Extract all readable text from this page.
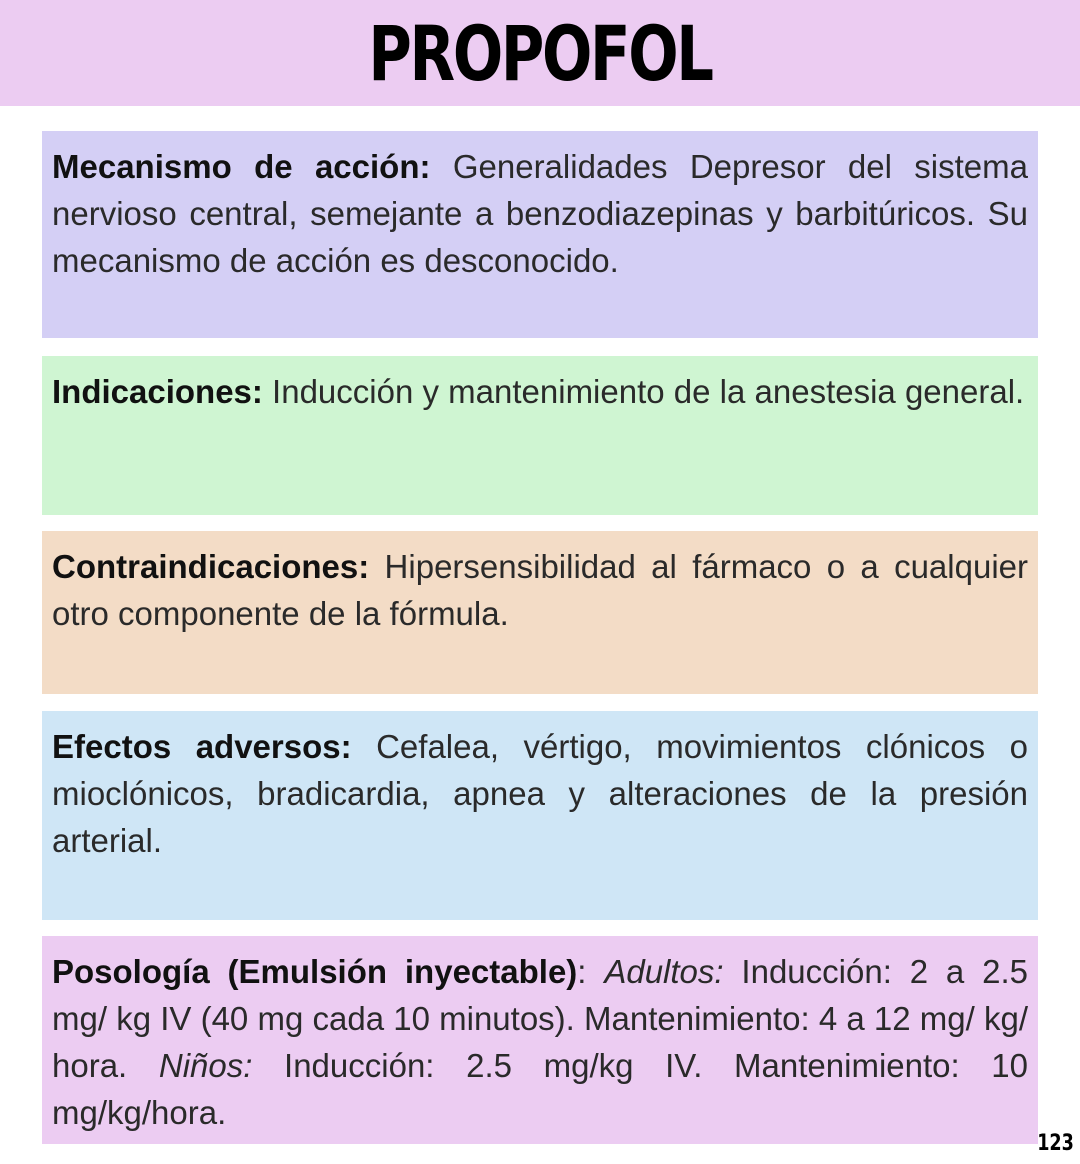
PROPOFOL
Mecanismo de acción: Generalidades Depresor del sistema nervioso central, semejante a benzodiazepinas y barbitúricos. Su mecanismo de acción es desconocido.
Indicaciones: Inducción y mantenimiento de la anestesia general.
Contraindicaciones: Hipersensibilidad al fármaco o a cualquier otro componente de la fórmula.
Efectos adversos: Cefalea, vértigo, movimientos clónicos o mioclónicos, bradicardia, apnea y alteraciones de la presión arterial.
Posología (Emulsión inyectable): Adultos: Inducción: 2 a 2.5 mg/ kg IV (40 mg cada 10 minutos). Mantenimiento: 4 a 12 mg/ kg/ hora. Niños: Inducción: 2.5 mg/kg IV. Mantenimiento: 10 mg/kg/hora.
123
